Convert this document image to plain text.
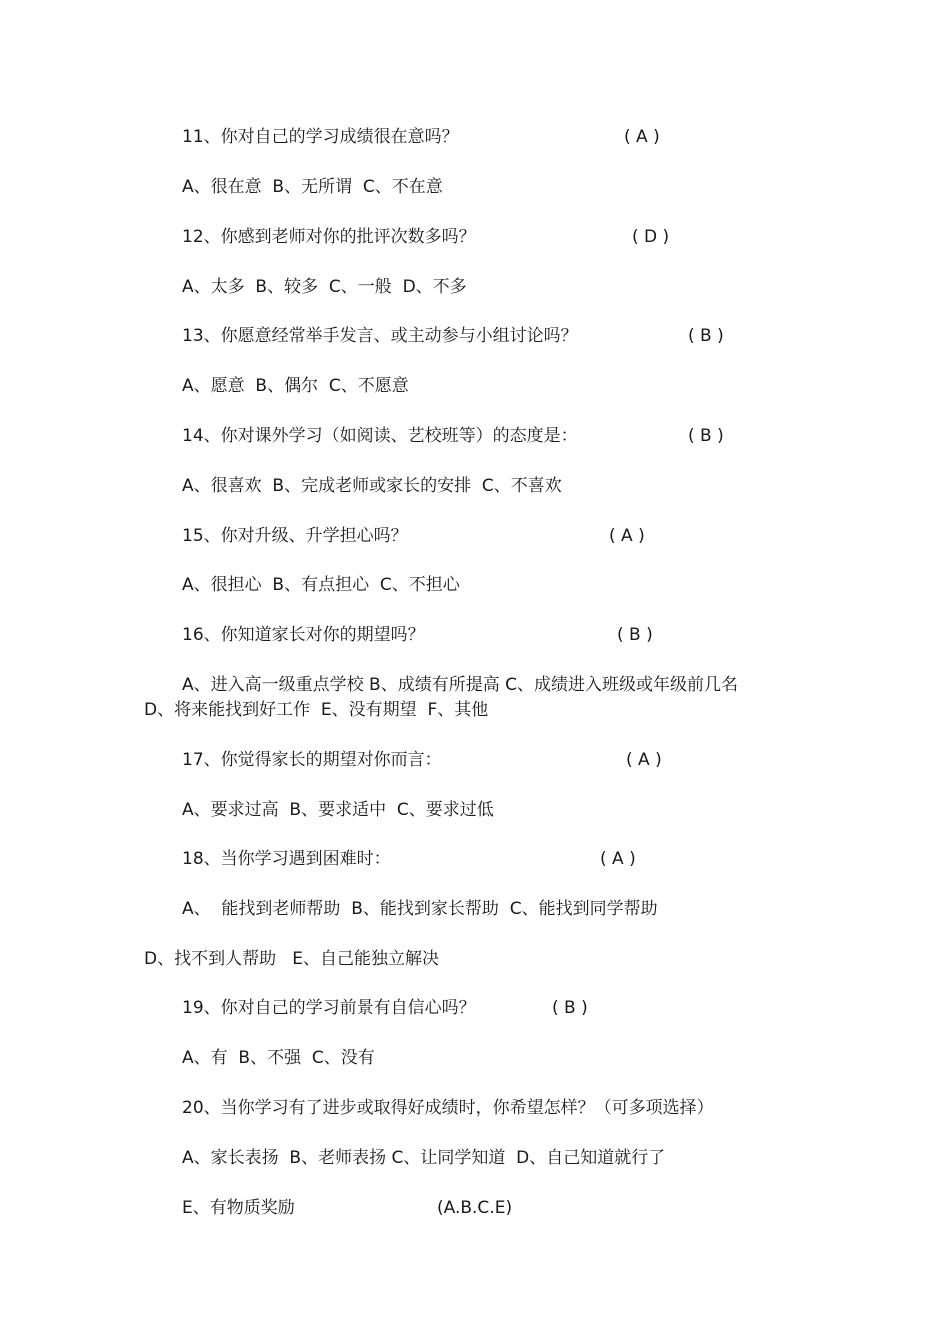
11、你对自己的学习成绩很在意吗？	( A )
A、很在意  B、无所谓  C、不在意
12、你感到老师对你的批评次数多吗？	( D )
A、太多  B、较多  C、一般  D、不多
13、你愿意经常举手发言、或主动参与小组讨论吗？	( B )
A、愿意  B、偶尔  C、不愿意
14、你对课外学习（如阅读、艺校班等）的态度是：	( B )
A、很喜欢  B、完成老师或家长的安排  C、不喜欢
15、你对升级、升学担心吗？	( A )
A、很担心  B、有点担心  C、不担心
16、你知道家长对你的期望吗？	( B )
A、进入高一级重点学校 B、成绩有所提高 C、成绩进入班级或年级前几名
D、将来能找到好工作  E、没有期望  F、其他
17、你觉得家长的期望对你而言：	( A )
A、要求过高  B、要求适中  C、要求过低
18、当你学习遇到困难时：	( A )
A、  能找到老师帮助  B、能找到家长帮助  C、能找到同学帮助
D、找不到人帮助   E、自己能独立解决
19、你对自己的学习前景有自信心吗？	( B )
A、有  B、不强  C、没有
20、当你学习有了进步或取得好成绩时，你希望怎样？（可多项选择）
A、家长表扬  B、老师表扬 C、让同学知道  D、自己知道就行了
E、有物质奖励	(A.B.C.E)
